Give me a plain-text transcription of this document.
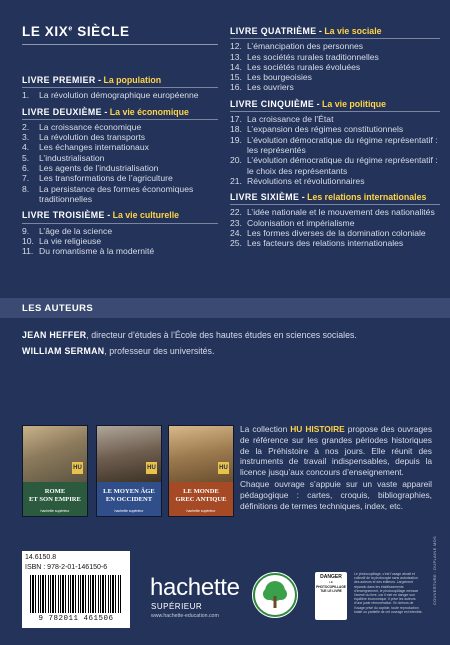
LE XIXe SIÈCLE
LIVRE PREMIER - La population
1.	La révolution démographique européenne
LIVRE DEUXIÈME - La vie économique
2.	La croissance économique
3.	La révolution des transports
4.	Les échanges internationaux
5.	L’industrialisation
6.	Les agents de l’industrialisation
7.	Les transformations de l’agriculture
8.	La persistance des formes économiques traditionnelles
LIVRE TROISIÈME - La vie culturelle
9.	L’âge de la science
10. La vie religieuse
11. Du romantisme à la modernité
LIVRE QUATRIÈME - La vie sociale
12. L’émancipation des personnes
13. Les sociétés rurales traditionnelles
14. Les sociétés rurales évoluées
15. Les bourgeoisies
16. Les ouvriers
LIVRE CINQUIÈME - La vie politique
17. La croissance de l’État
18. L’expansion des régimes constitutionnels
19. L’évolution démocratique du régime représentatif : les représentés
20. L’évolution démocratique du régime représentatif : le choix des représentants
21. Révolutions et révolutionnaires
LIVRE SIXIÈME - Les relations internationales
22. L’idée nationale et le mouvement des nationalités
23. Colonisation et impérialisme
24. Les formes diverses de la domination coloniale
25. Les facteurs des relations internationales
LES AUTEURS
JEAN HEFFER, directeur d’études à l’École des hautes études en sciences sociales.
WILLIAM SERMAN, professeur des universités.
HU
ROME
ET SON EMPIRE
hachette supérieur
HU
LE MOYEN ÂGE
EN OCCIDENT
hachette supérieur
HU
LE MONDE
GREC ANTIQUE
hachette supérieur

La collection HU HISTOIRE propose des ouvrages de référence sur les grandes périodes historiques de la Préhistoire à nos jours. Elle réunit des instruments de travail indispensables, depuis la licence jusqu’aux concours d’enseignement.

Chaque ouvrage s’appuie sur un vaste appareil pédagogique : cartes, croquis, bibliographies, définitions de termes techniques, index, etc.

14.6150.8
ISBN : 978-2-01-146150-6
9 782011 461506
hachette
SUPÉRIEUR
www.hachette-education.com
DANGER
LE
PHOTOCOPILLAGE TUE LE LIVRE
Le photocopillage, c’est l’usage abusif et collectif de la photocopie sans autorisation des auteurs et des éditeurs. Largement répandu dans les établissements d’enseignement, le photocopillage menace l’avenir du livre, car il met en danger son équilibre économique. Il prive les auteurs d’une juste rémunération. En dehors de l’usage privé du copiste, toute reproduction totale ou partielle de cet ouvrage est interdite.
COUVERTURE : DUPLAINE MOS
